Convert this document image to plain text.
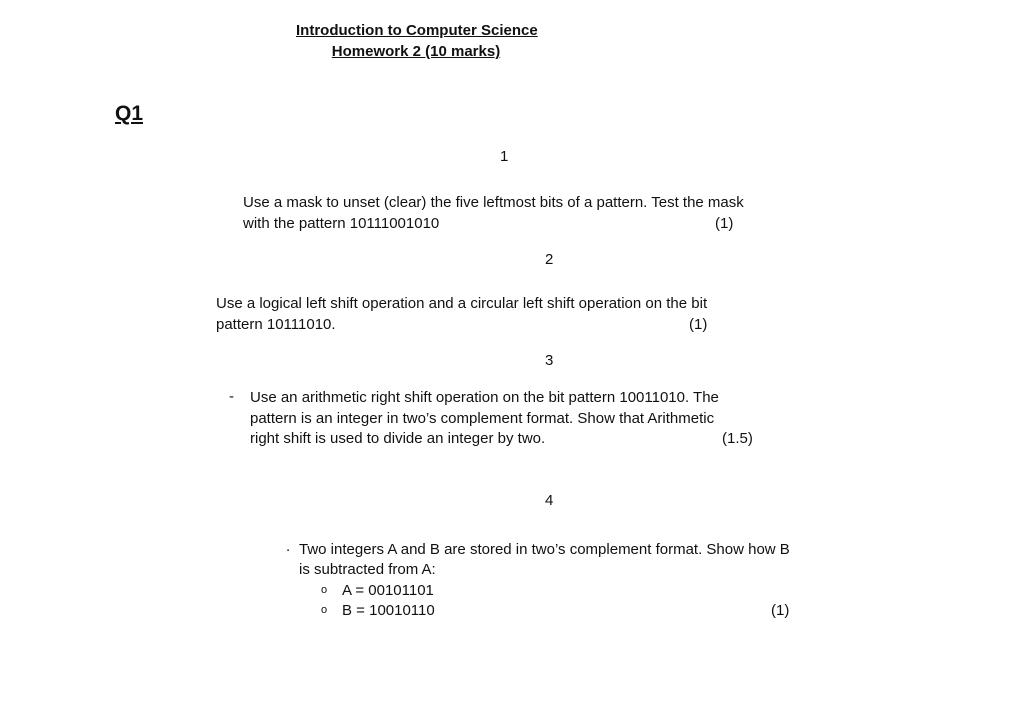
Introduction to Computer Science
Homework 2 (10 marks)
Q1
1
Use a mask to unset (clear) the five leftmost bits of a pattern. Test the mask
with the pattern 10111001010	(1)
2
Use a logical left shift operation and a circular left shift operation on the bit
pattern 10111010.	(1)
3
- Use an arithmetic right shift operation on the bit pattern 10011010. The
pattern is an integer in two’s complement format. Show that Arithmetic
right shift is used to divide an integer by two.	(1.5)
4
. Two integers A and B are stored in two’s complement format. Show how B
is subtracted from A:
o A = 00101101
o B = 10010110	(1)
